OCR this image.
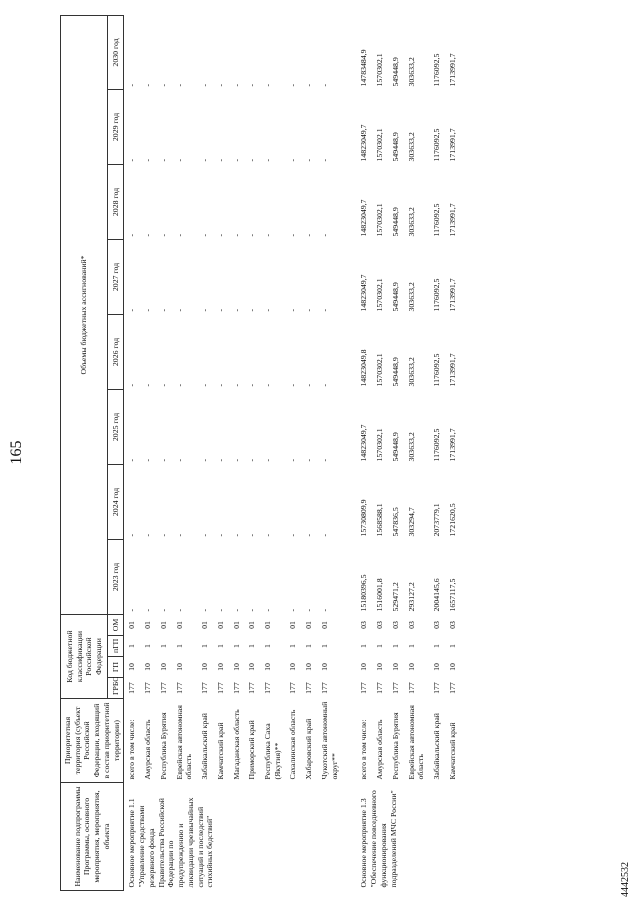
165
Наименование подпрограммы Программы, основного мероприятия, мероприятия, объекта	Приоритетная территория (субъект Российской Федерации, входящий в состав приоритетной территории)	Код бюджетной классификации Российской Федерации				Объемы бюджетных ассигнований*							
		ГРБС	ГП	пГП	ОМ	2023 год	2024 год	2025 год	2026 год	2027 год	2028 год	2029 год	2030 год
Основное мероприятие 1.1 "Управление средствами резервного фонда Правительства Российской Федерации по предупреждению и ликвидации чрезвычайных ситуаций и последствий стихийных бедствий"	всего в том числе:	177	10	1	01	-	-	-	-	-	-	-	-
	Амурская область	177	10	1	01	-	-	-	-	-	-	-	-
	Республика Бурятия	177	10	1	01	-	-	-	-	-	-	-	-
	Еврейская автономная область	177	10	1	01	-	-	-	-	-	-	-	-
	Забайкальский край	177	10	1	01	-	-	-	-	-	-	-	-
	Камчатский край	177	10	1	01	-	-	-	-	-	-	-	-
	Магаданская область	177	10	1	01	-	-	-	-	-	-	-	-
	Приморский край	177	10	1	01	-	-	-	-	-	-	-	-
	Республика Саха (Якутия)**	177	10	1	01	-	-	-	-	-	-	-	-
	Сахалинская область	177	10	1	01	-	-	-	-	-	-	-	-
	Хабаровский край	177	10	1	01	-	-	-	-	-	-	-	-
	Чукотский автономный округ**	177	10	1	01	-	-	-	-	-	-	-	-

Основное мероприятие 1.3 "Обеспечение повседневного функционирования подразделений МЧС России"	всего в том числе:	177	10	1	03	15180396,5	15730809,9	14823049,7	14823049,8	14823049,7	14823049,7	14823049,7	14783484,9
	Амурская область	177	10	1	03	1516001,8	1568588,1	1570302,1	1570302,1	1570302,1	1570302,1	1570302,1	1570302,1
	Республика Бурятия	177	10	1	03	529471,2	547836,5	549448,9	549448,9	549448,9	549448,9	549448,9	549448,9
	Еврейская автономная область	177	10	1	03	293127,2	303294,7	303633,2	303633,2	303633,2	303633,2	303633,2	303633,2
	Забайкальский край	177	10	1	03	2004145,6	2073779,1	1176092,5	1176092,5	1176092,5	1176092,5	1176092,5	1176092,5
	Камчатский край	177	10	1	03	1657117,5	1721620,5	1713991,7	1713991,7	1713991,7	1713991,7	1713991,7	1713991,7
4442532
